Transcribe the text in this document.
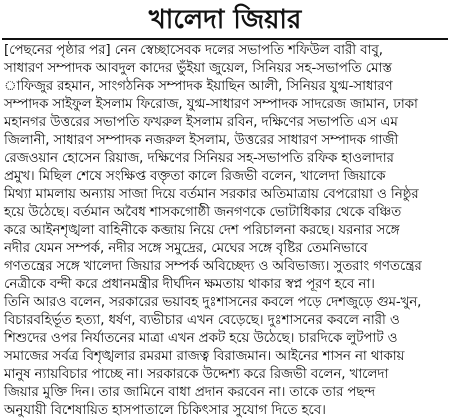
খালেদা জিয়ার
[পেছনের পৃষ্ঠার পর] নেন স্বেচ্ছাসেবক দলের সভাপতি শফিউল বারী বাবু,
সাধারণ সম্পাদক আবদুল কাদের ভুঁইয়া জুয়েল, সিনিয়র সহ-সভাপতি মোস্ত
াফিজুর রহমান, সাংগঠনিক সম্পাদক ইয়াছিন আলী, সিনিয়র যুগ্ম-সাধারণ
সম্পাদক সাইফুল ইসলাম ফিরোজ, যুগ্ম-সাধারণ সম্পাদক সাদরেজ জামান, ঢাকা
মহানগর উত্তরের সভাপতি ফখরুল ইসলাম রবিন, দক্ষিণের সভাপতি এস এম
জিলানী, সাধারণ সম্পাদক নজরুল ইসলাম, উত্তরের সাধারণ সম্পাদক গাজী
রেজওয়ান হোসেন রিয়াজ, দক্ষিণের সিনিয়র সহ-সভাপতি রফিক হাওলাদার
প্রমুখ। মিছিল শেষে সংক্ষিপ্ত বক্তৃতা কালে রিজভী বলেন, খালেদা জিয়াকে
মিথ্যা মামলায় অন্যায় সাজা দিয়ে বর্তমান সরকার অতিমাত্রায় বেপরোয়া ও নিষ্ঠুর
হয়ে উঠেছে। বর্তমান অবৈধ শাসকগোষ্ঠী জনগণকে ভোটাধিকার থেকে বঞ্চিত
করে আইনশৃঙ্খলা বাহিনীকে কব্জায় নিয়ে দেশ পরিচালনা করছে। যরনার সঙ্গে
নদীর যেমন সম্পর্ক, নদীর সঙ্গে সমুদ্রের, মেঘের সঙ্গে বৃষ্টির তেমনিভাবে
গণতন্ত্রের সঙ্গে খালেদা জিয়ার সম্পর্ক অবিচ্ছেদ্য ও অবিভাজ্য। সুতরাং গণতন্ত্রের
নেত্রীকে বন্দী করে প্রধানমন্ত্রীর দীর্ঘদিন ক্ষমতায় থাকার স্বপ্ন পূরণ হবে না।
তিনি আরও বলেন, সরকারের ভয়াবহ দুঃশাসনের কবলে পড়ে দেশজুড়ে গুম-খুন,
বিচারবহির্ভূত হত্যা, ধর্ষণ, ব্যভীচার এখন বেড়েছে। দুঃশাসনের কবলে নারী ও
শিশুদের ওপর নির্যাতনের মাত্রা এখন প্রকট হয়ে উঠেছে। চারদিকে লুটপাট ও
সমাজের সর্বত্র বিশৃঙ্খলার রমরমা রাজত্ব বিরাজমান। আইনের শাসন না থাকায়
মানুষ ন্যায়বিচার পাচ্ছে না। সরকারকে উদ্দেশ্য করে রিজভী বলেন, খালেদা
জিয়ার মুক্তি দিন। তার জামিনে বাধা প্রদান করবেন না। তাকে তার পছন্দ
অনুযায়ী বিশেষায়িত হাসপাতালে চিকিৎসার সুযোগ দিতে হবে।
